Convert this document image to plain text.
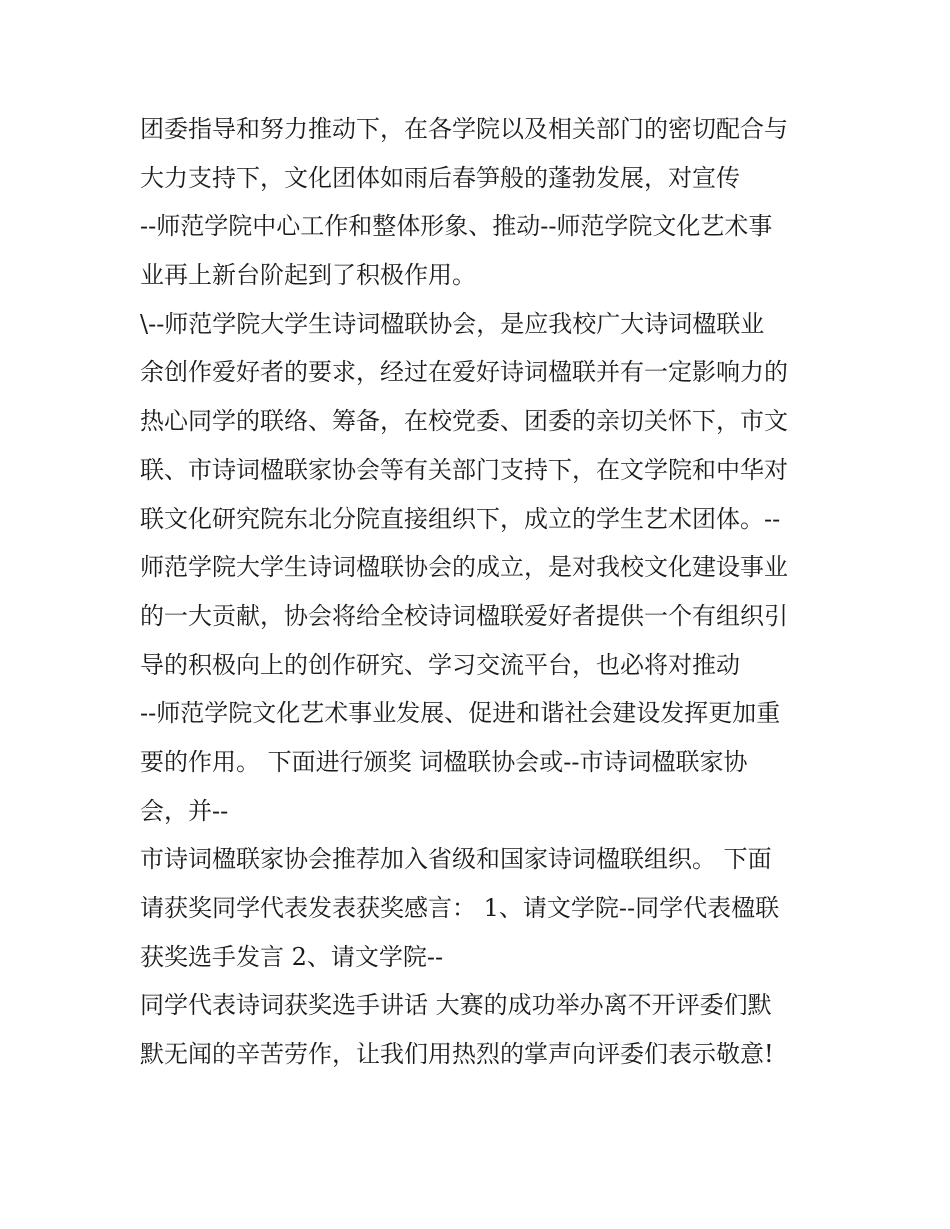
团委指导和努力推动下，在各学院以及相关部门的密切配合与
大力支持下，文化团体如雨后春笋般的蓬勃发展，对宣传
--师范学院中心工作和整体形象、推动--师范学院文化艺术事
业再上新台阶起到了积极作用。
\--师范学院大学生诗词楹联协会，是应我校广大诗词楹联业
余创作爱好者的要求，经过在爱好诗词楹联并有一定影响力的
热心同学的联络、筹备，在校党委、团委的亲切关怀下，市文
联、市诗词楹联家协会等有关部门支持下，在文学院和中华对
联文化研究院东北分院直接组织下，成立的学生艺术团体。--
师范学院大学生诗词楹联协会的成立，是对我校文化建设事业
的一大贡献，协会将给全校诗词楹联爱好者提供一个有组织引
导的积极向上的创作研究、学习交流平台，也必将对推动
--师范学院文化艺术事业发展、促进和谐社会建设发挥更加重
要的作用。 下面进行颁奖 词楹联协会或--市诗词楹联家协
会，并--
市诗词楹联家协会推荐加入省级和国家诗词楹联组织。 下面
请获奖同学代表发表获奖感言： 1、请文学院--同学代表楹联
获奖选手发言 2、请文学院--
同学代表诗词获奖选手讲话 大赛的成功举办离不开评委们默
默无闻的辛苦劳作，让我们用热烈的掌声向评委们表示敬意!
